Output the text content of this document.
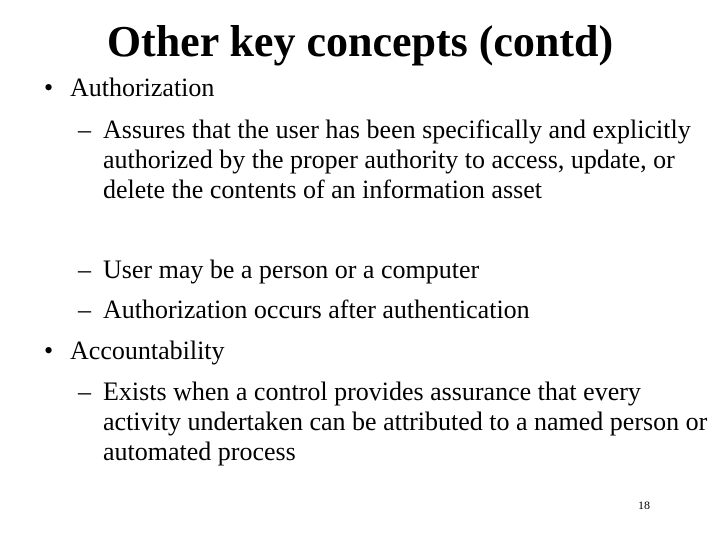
Other key concepts (contd)
• Authorization
– Assures that the user has been specifically and explicitly authorized by the proper authority to access, update, or delete the contents of an information asset
– User may be a person or a computer
– Authorization occurs after authentication
• Accountability
– Exists when a control provides assurance that every activity undertaken can be attributed to a named person or automated process
18
